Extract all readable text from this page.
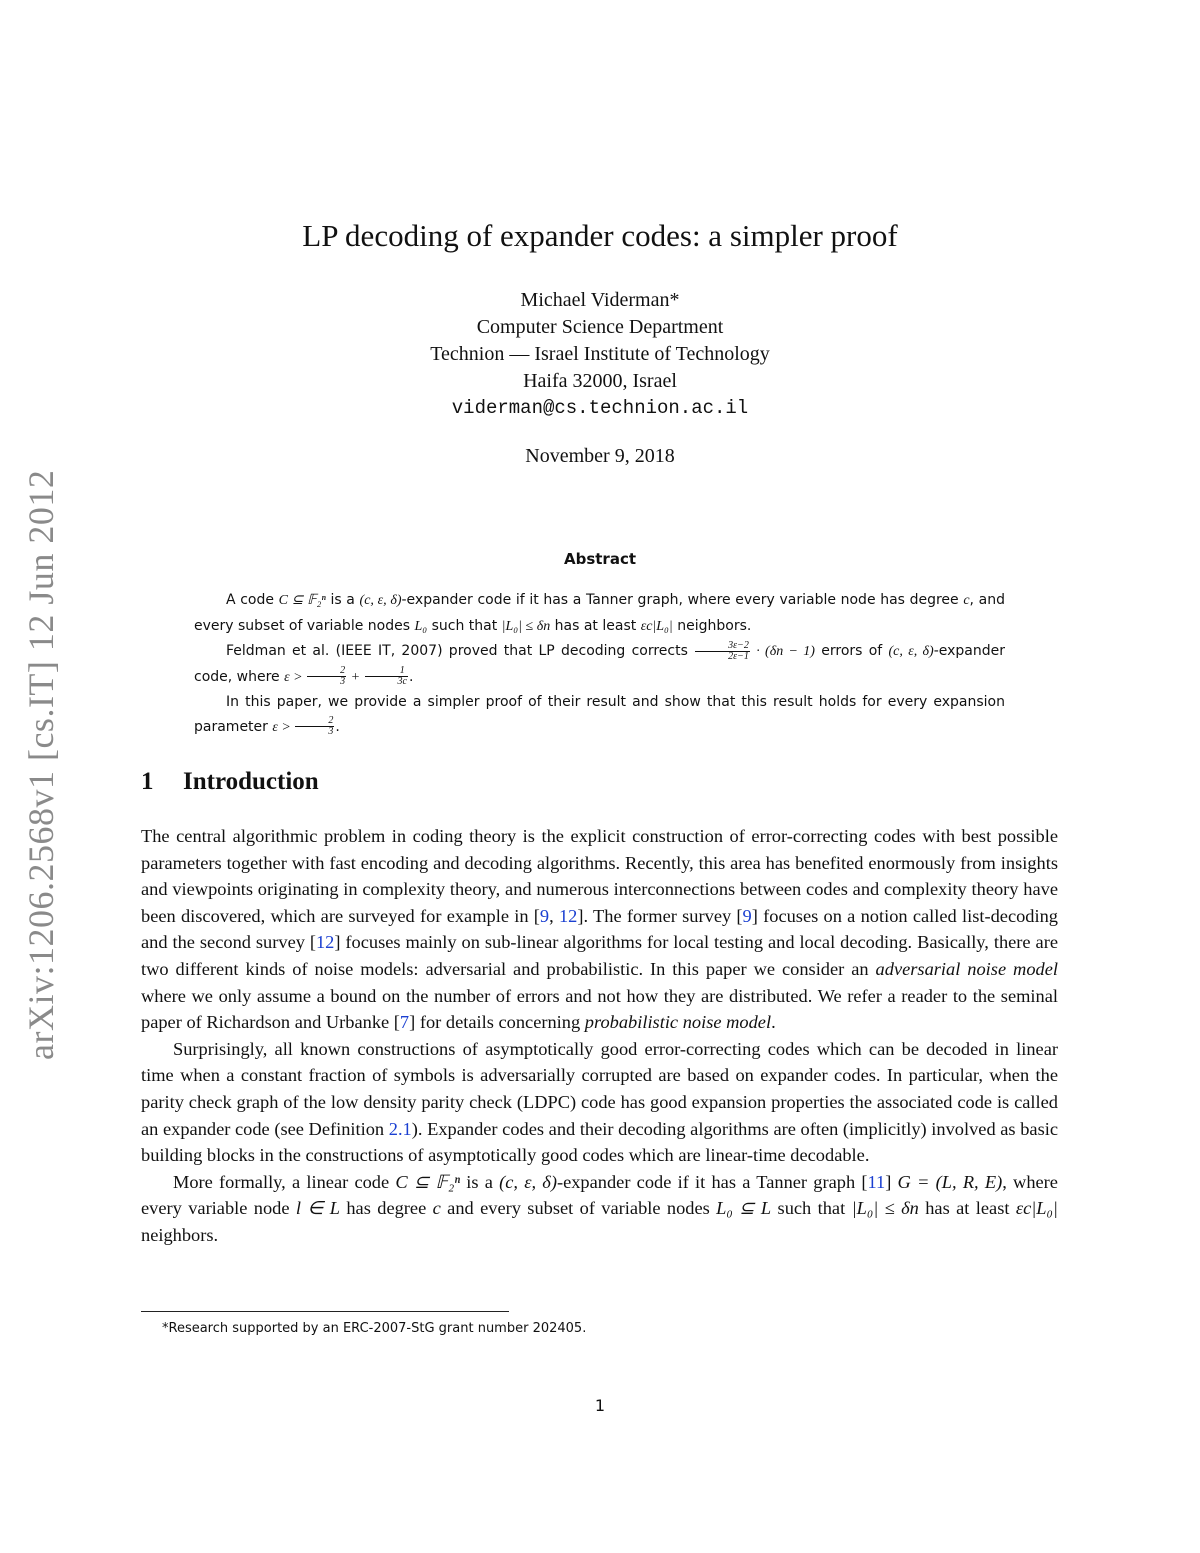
arXiv:1206.2568v1 [cs.IT] 12 Jun 2012
LP decoding of expander codes: a simpler proof
Michael Viderman*
Computer Science Department
Technion — Israel Institute of Technology
Haifa 32000, Israel
viderman@cs.technion.ac.il
November 9, 2018
Abstract

A code C ⊆ 𝔽₂ⁿ is a (c, ε, δ)-expander code if it has a Tanner graph, where every variable node has degree c, and every subset of variable nodes L₀ such that |L₀| ≤ δn has at least εc|L₀| neighbors.

Feldman et al. (IEEE IT, 2007) proved that LP decoding corrects $\frac{3\varepsilon-2}{2\varepsilon-1} \cdot (\delta n - 1)$ errors of (c, ε, δ)-expander code, where $\varepsilon > \frac{2}{3} + \frac{1}{3c}$ .

In this paper, we provide a simpler proof of their result and show that this result holds for every expansion parameter $\varepsilon > \frac{2}{3}$ .

1 Introduction

The central algorithmic problem in coding theory is the explicit construction of error-correcting codes with best possible parameters together with fast encoding and decoding algorithms. Recently, this area has benefited enormously from insights and viewpoints originating in complexity theory, and numerous interconnections between codes and complexity theory have been discovered, which are surveyed for example in [9, 12]. The former survey [9] focuses on a notion called list-decoding and the second survey [12] focuses mainly on sub-linear algorithms for local testing and local decoding. Basically, there are two different kinds of noise models: adversarial and probabilistic. In this paper we consider an adversarial noise model where we only assume a bound on the number of errors and not how they are distributed. We refer a reader to the seminal paper of Richardson and Urbanke [7] for details concerning probabilistic noise model.

Surprisingly, all known constructions of asymptotically good error-correcting codes which can be decoded in linear time when a constant fraction of symbols is adversarially corrupted are based on expander codes. In particular, when the parity check graph of the low density parity check (LDPC) code has good expansion properties the associated code is called an expander code (see Definition 2.1). Expander codes and their decoding algorithms are often (implicitly) involved as basic building blocks in the constructions of asymptotically good codes which are linear-time decodable.

More formally, a linear code C ⊆ 𝔽₂ⁿ is a (c, ε, δ)-expander code if it has a Tanner graph [11] G = (L, R, E), where every variable node l ∈ L has degree c and every subset of variable nodes L₀ ⊆ L such that |L₀| ≤ δn has at least εc|L₀| neighbors.

*Research supported by an ERC-2007-StG grant number 202405.
1
